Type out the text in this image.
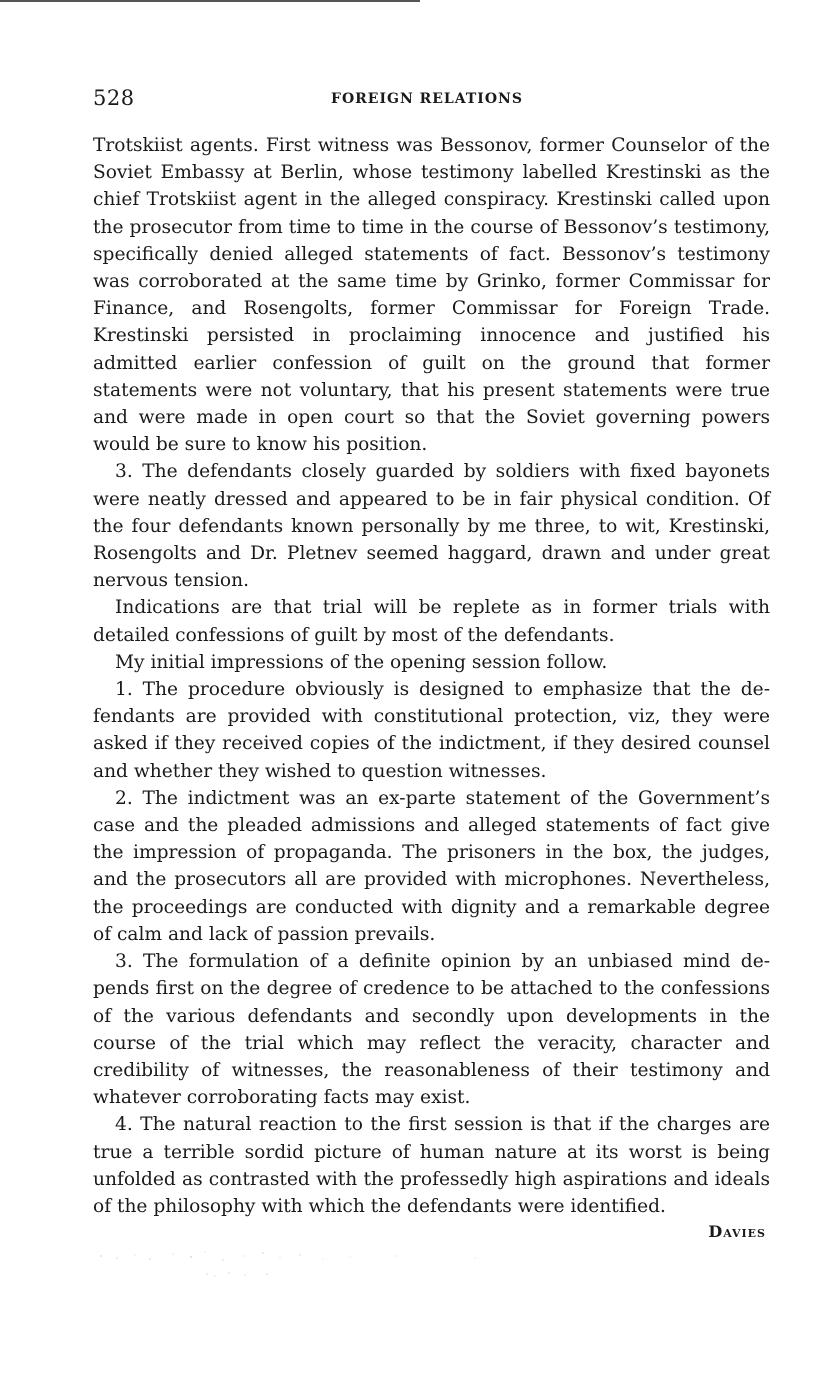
528	FOREIGN RELATIONS

Trotskiist agents. First witness was Bessonov, former Counselor of the Soviet Embassy at Berlin, whose testimony labelled Krestinski as the chief Trotskiist agent in the alleged conspiracy. Krestinski called upon the prosecutor from time to time in the course of Bessonov’s testimony, specifically denied alleged statements of fact. Bessonov’s testimony was corroborated at the same time by Grinko, former Commissar for Finance, and Rosengolts, former Commissar for Foreign Trade. Krestinski persisted in proclaiming innocence and justified his admitted earlier confession of guilt on the ground that former statements were not voluntary, that his present statements were true and were made in open court so that the Soviet governing powers would be sure to know his position.

3. The defendants closely guarded by soldiers with fixed bayonets were neatly dressed and appeared to be in fair physical condition. Of the four defendants known personally by me three, to wit, Krestinski, Rosengolts and Dr. Pletnev seemed haggard, drawn and under great nervous tension.

Indications are that trial will be replete as in former trials with detailed confessions of guilt by most of the defendants.

My initial impressions of the opening session follow.

1. The procedure obviously is designed to emphasize that the defendants are provided with constitutional protection, viz, they were asked if they received copies of the indictment, if they desired counsel and whether they wished to question witnesses.

2. The indictment was an ex-parte statement of the Government’s case and the pleaded admissions and alleged statements of fact give the impression of propaganda. The prisoners in the box, the judges, and the prosecutors all are provided with microphones. Nevertheless, the proceedings are conducted with dignity and a remarkable degree of calm and lack of passion prevails.

3. The formulation of a definite opinion by an unbiased mind depends first on the degree of credence to be attached to the confessions of the various defendants and secondly upon developments in the course of the trial which may reflect the veracity, character and credibility of witnesses, the reasonableness of their testimony and whatever corroborating facts may exist.

4. The natural reaction to the first session is that if the charges are true a terrible sordid picture of human nature at its worst is being unfolded as contrasted with the professedly high aspirations and ideals of the philosophy with which the defendants were identified.

Davies
